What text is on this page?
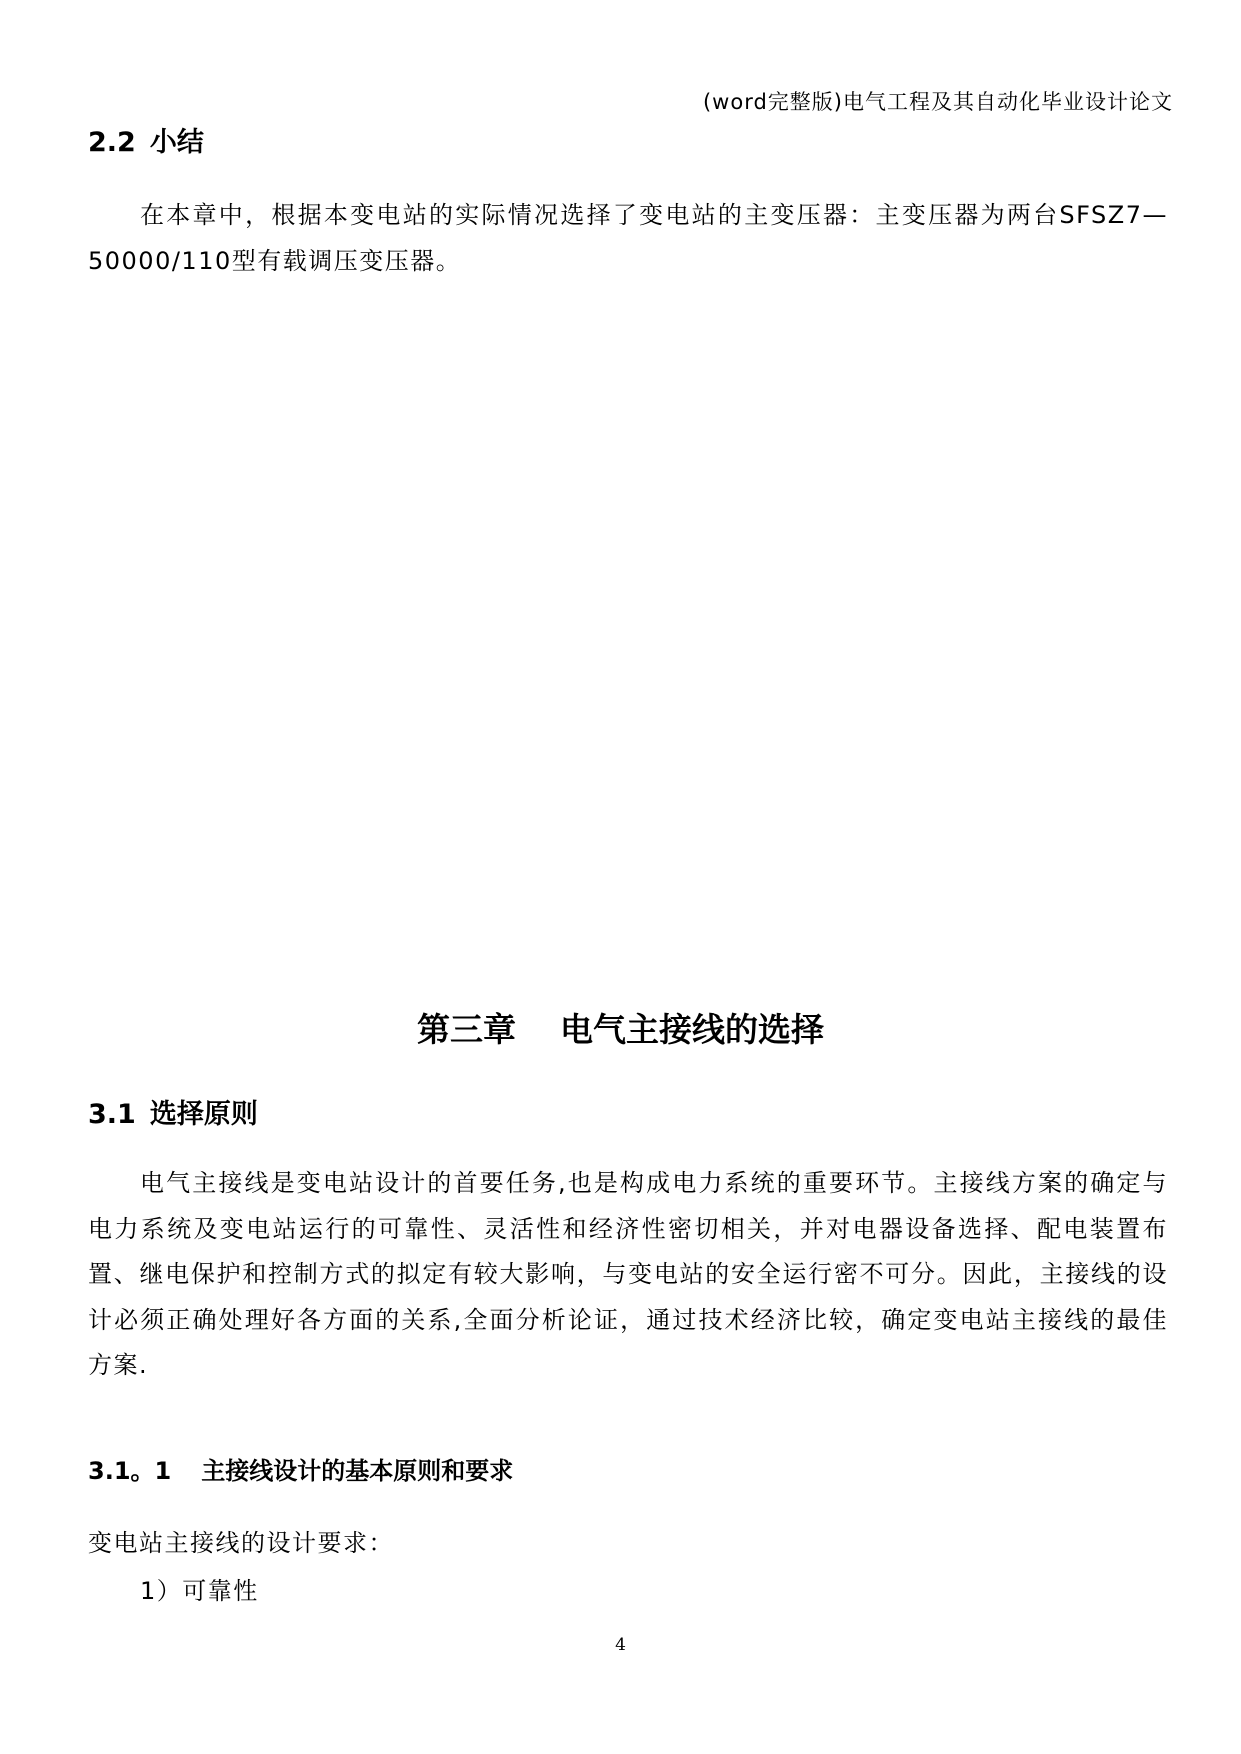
(word完整版)电气工程及其自动化毕业设计论文
2.2 小结
在本章中，根据本变电站的实际情况选择了变电站的主变压器：主变压器为两台SFSZ7—50000/110型有载调压变压器。
第三章 电气主接线的选择
3.1 选择原则
电气主接线是变电站设计的首要任务,也是构成电力系统的重要环节。主接线方案的确定与电力系统及变电站运行的可靠性、灵活性和经济性密切相关，并对电器设备选择、配电装置布置、继电保护和控制方式的拟定有较大影响，与变电站的安全运行密不可分。因此，主接线的设计必须正确处理好各方面的关系,全面分析论证，通过技术经济比较，确定变电站主接线的最佳方案.
3.1。1 主接线设计的基本原则和要求
变电站主接线的设计要求：
1）可靠性
4
